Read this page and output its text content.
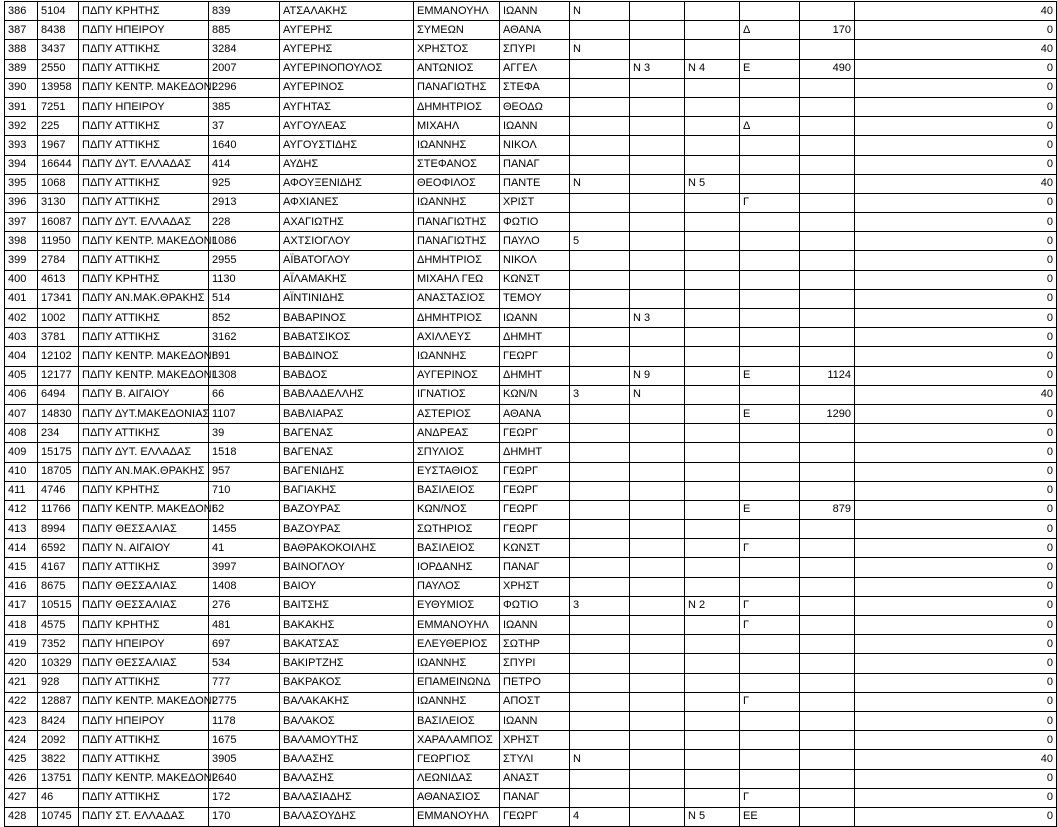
386	5104	ΠΔΠΥ ΚΡΗΤΗΣ	839	ΑΤΣΑΛΑΚΗΣ	ΕΜΜΑΝΟΥΗΛ	ΙΩΑΝΝ	Ν					40
387	8438	ΠΔΠΥ ΗΠΕΙΡΟΥ	885	ΑΥΓΕΡΗΣ	ΣΥΜΕΩΝ	ΑΘΑΝΑ				Δ	170	0
388	3437	ΠΔΠΥ ΑΤΤΙΚΗΣ	3284	ΑΥΓΕΡΗΣ	ΧΡΗΣΤΟΣ	ΣΠΥΡΙ	Ν					40
389	2550	ΠΔΠΥ ΑΤΤΙΚΗΣ	2007	ΑΥΓΕΡΙΝΟΠΟΥΛΟΣ	ΑΝΤΩΝΙΟΣ	ΑΓΓΕΛ		Ν 3	Ν 4	Ε	490	0
390	13958	ΠΔΠΥ ΚΕΝΤΡ. ΜΑΚΕΔΟΝΙ	2296	ΑΥΓΕΡΙΝΟΣ	ΠΑΝΑΓΙΩΤΗΣ	ΣΤΕΦΑ						0
391	7251	ΠΔΠΥ ΗΠΕΙΡΟΥ	385	ΑΥΓΗΤΑΣ	ΔΗΜΗΤΡΙΟΣ	ΘΕΟΔΩ						0
392	225	ΠΔΠΥ ΑΤΤΙΚΗΣ	37	ΑΥΓΟΥΛΕΑΣ	ΜΙΧΑΗΛ	ΙΩΑΝΝ				Δ		0
393	1967	ΠΔΠΥ ΑΤΤΙΚΗΣ	1640	ΑΥΓΟΥΣΤΙΔΗΣ	ΙΩΑΝΝΗΣ	ΝΙΚΟΛ						0
394	16644	ΠΔΠΥ ΔΥΤ. ΕΛΛΑΔΑΣ	414	ΑΥΔΗΣ	ΣΤΕΦΑΝΟΣ	ΠΑΝΑΓ						0
395	1068	ΠΔΠΥ ΑΤΤΙΚΗΣ	925	ΑΦΟΥΞΕΝΙΔΗΣ	ΘΕΟΦΙΛΟΣ	ΠΑΝΤΕ	Ν		Ν 5			40
396	3130	ΠΔΠΥ ΑΤΤΙΚΗΣ	2913	ΑΦΧΙΑΝΕΣ	ΙΩΑΝΝΗΣ	ΧΡΙΣΤ				Γ		0
397	16087	ΠΔΠΥ ΔΥΤ. ΕΛΛΑΔΑΣ	228	ΑΧΑΓΙΩΤΗΣ	ΠΑΝΑΓΙΩΤΗΣ	ΦΩΤΙΟ						0
398	11950	ΠΔΠΥ ΚΕΝΤΡ. ΜΑΚΕΔΟΝΙ	1086	ΑΧΤΣΙΟΓΛΟΥ	ΠΑΝΑΓΙΩΤΗΣ	ΠΑΥΛΟ	5					0
399	2784	ΠΔΠΥ ΑΤΤΙΚΗΣ	2955	ΑΪΒΑΤΟΓΛΟΥ	ΔΗΜΗΤΡΙΟΣ	ΝΙΚΟΛ						0
400	4613	ΠΔΠΥ ΚΡΗΤΗΣ	1130	ΑΪΛΑΜΑΚΗΣ	ΜΙΧΑΗΛ ΓΕΩ	ΚΩΝΣΤ						0
401	17341	ΠΔΠΥ ΑΝ.ΜΑΚ.ΘΡΑΚΗΣ	514	ΑΪΝΤΙΝΙΔΗΣ	ΑΝΑΣΤΑΣΙΟΣ	ΤΕΜΟΥ						0
402	1002	ΠΔΠΥ ΑΤΤΙΚΗΣ	852	ΒΑΒΑΡΙΝΟΣ	ΔΗΜΗΤΡΙΟΣ	ΙΩΑΝΝ		Ν 3				0
403	3781	ΠΔΠΥ ΑΤΤΙΚΗΣ	3162	ΒΑΒΑΤΣΙΚΟΣ	ΑΧΙΛΛΕΥΣ	ΔΗΜΗΤ						0
404	12102	ΠΔΠΥ ΚΕΝΤΡ. ΜΑΚΕΔΟΝΙ	891	ΒΑΒΔΙΝΟΣ	ΙΩΑΝΝΗΣ	ΓΕΩΡΓ						0
405	12177	ΠΔΠΥ ΚΕΝΤΡ. ΜΑΚΕΔΟΝΙ	1308	ΒΑΒΔΟΣ	ΑΥΓΕΡΙΝΟΣ	ΔΗΜΗΤ		Ν 9		Ε	1124	0
406	6494	ΠΔΠΥ Β. ΑΙΓΑΙΟΥ	66	ΒΑΒΛΑΔΕΛΛΗΣ	ΙΓΝΑΤΙΟΣ	ΚΩΝ/Ν	3	Ν				40
407	14830	ΠΔΠΥ ΔΥΤ.ΜΑΚΕΔΟΝΙΑΣ	1107	ΒΑΒΛΙΑΡΑΣ	ΑΣΤΕΡΙΟΣ	ΑΘΑΝΑ				Ε	1290	0
408	234	ΠΔΠΥ ΑΤΤΙΚΗΣ	39	ΒΑΓΕΝΑΣ	ΑΝΔΡΕΑΣ	ΓΕΩΡΓ						0
409	15175	ΠΔΠΥ ΔΥΤ. ΕΛΛΑΔΑΣ	1518	ΒΑΓΕΝΑΣ	ΣΠΥΛΙΟΣ	ΔΗΜΗΤ						0
410	18705	ΠΔΠΥ ΑΝ.ΜΑΚ.ΘΡΑΚΗΣ	957	ΒΑΓΕΝΙΔΗΣ	ΕΥΣΤΑΘΙΟΣ	ΓΕΩΡΓ						0
411	4746	ΠΔΠΥ ΚΡΗΤΗΣ	710	ΒΑΓΙΑΚΗΣ	ΒΑΣΙΛΕΙΟΣ	ΓΕΩΡΓ						0
412	11766	ΠΔΠΥ ΚΕΝΤΡ. ΜΑΚΕΔΟΝΙ	62	ΒΑΖΟΥΡΑΣ	ΚΩΝ/ΝΟΣ	ΓΕΩΡΓ				Ε	879	0
413	8994	ΠΔΠΥ ΘΕΣΣΑΛΙΑΣ	1455	ΒΑΖΟΥΡΑΣ	ΣΩΤΗΡΙΟΣ	ΓΕΩΡΓ						0
414	6592	ΠΔΠΥ Ν. ΑΙΓΑΙΟΥ	41	ΒΑΘΡΑΚΟΚΟΙΛΗΣ	ΒΑΣΙΛΕΙΟΣ	ΚΩΝΣΤ				Γ		0
415	4167	ΠΔΠΥ ΑΤΤΙΚΗΣ	3997	ΒΑΙΝΟΓΛΟΥ	ΙΟΡΔΑΝΗΣ	ΠΑΝΑΓ						0
416	8675	ΠΔΠΥ ΘΕΣΣΑΛΙΑΣ	1408	ΒΑΙΟΥ	ΠΑΥΛΟΣ	ΧΡΗΣΤ						0
417	10515	ΠΔΠΥ ΘΕΣΣΑΛΙΑΣ	276	ΒΑΙΤΣΗΣ	ΕΥΘΥΜΙΟΣ	ΦΩΤΙΟ	3		Ν 2	Γ		0
418	4575	ΠΔΠΥ ΚΡΗΤΗΣ	481	ΒΑΚΑΚΗΣ	ΕΜΜΑΝΟΥΗΛ	ΙΩΑΝΝ				Γ		0
419	7352	ΠΔΠΥ ΗΠΕΙΡΟΥ	697	ΒΑΚΑΤΣΑΣ	ΕΛΕΥΘΕΡΙΟΣ	ΣΩΤΗΡ						0
420	10329	ΠΔΠΥ ΘΕΣΣΑΛΙΑΣ	534	ΒΑΚΙΡΤΖΗΣ	ΙΩΑΝΝΗΣ	ΣΠΥΡΙ						0
421	928	ΠΔΠΥ ΑΤΤΙΚΗΣ	777	ΒΑΚΡΑΚΟΣ	ΕΠΑΜΕΙΝΩΝΔ	ΠΕΤΡΟ						0
422	12887	ΠΔΠΥ ΚΕΝΤΡ. ΜΑΚΕΔΟΝΙ	2775	ΒΑΛΑΚΑΚΗΣ	ΙΩΑΝΝΗΣ	ΑΠΟΣΤ				Γ		0
423	8424	ΠΔΠΥ ΗΠΕΙΡΟΥ	1178	ΒΑΛΑΚΟΣ	ΒΑΣΙΛΕΙΟΣ	ΙΩΑΝΝ						0
424	2092	ΠΔΠΥ ΑΤΤΙΚΗΣ	1675	ΒΑΛΑΜΟΥΤΗΣ	ΧΑΡΑΛΑΜΠΟΣ	ΧΡΗΣΤ						0
425	3822	ΠΔΠΥ ΑΤΤΙΚΗΣ	3905	ΒΑΛΑΣΗΣ	ΓΕΩΡΓΙΟΣ	ΣΤΥΛΙ	Ν					40
426	13751	ΠΔΠΥ ΚΕΝΤΡ. ΜΑΚΕΔΟΝΙ	2640	ΒΑΛΑΣΗΣ	ΛΕΩΝΙΔΑΣ	ΑΝΑΣΤ						0
427	46	ΠΔΠΥ ΑΤΤΙΚΗΣ	172	ΒΑΛΑΣΙΑΔΗΣ	ΑΘΑΝΑΣΙΟΣ	ΠΑΝΑΓ				Γ		0
428	10745	ΠΔΠΥ ΣΤ. ΕΛΛΑΔΑΣ	170	ΒΑΛΑΣΟΥΔΗΣ	ΕΜΜΑΝΟΥΗΛ	ΓΕΩΡΓ	4		Ν 5	ΕΕ		0
